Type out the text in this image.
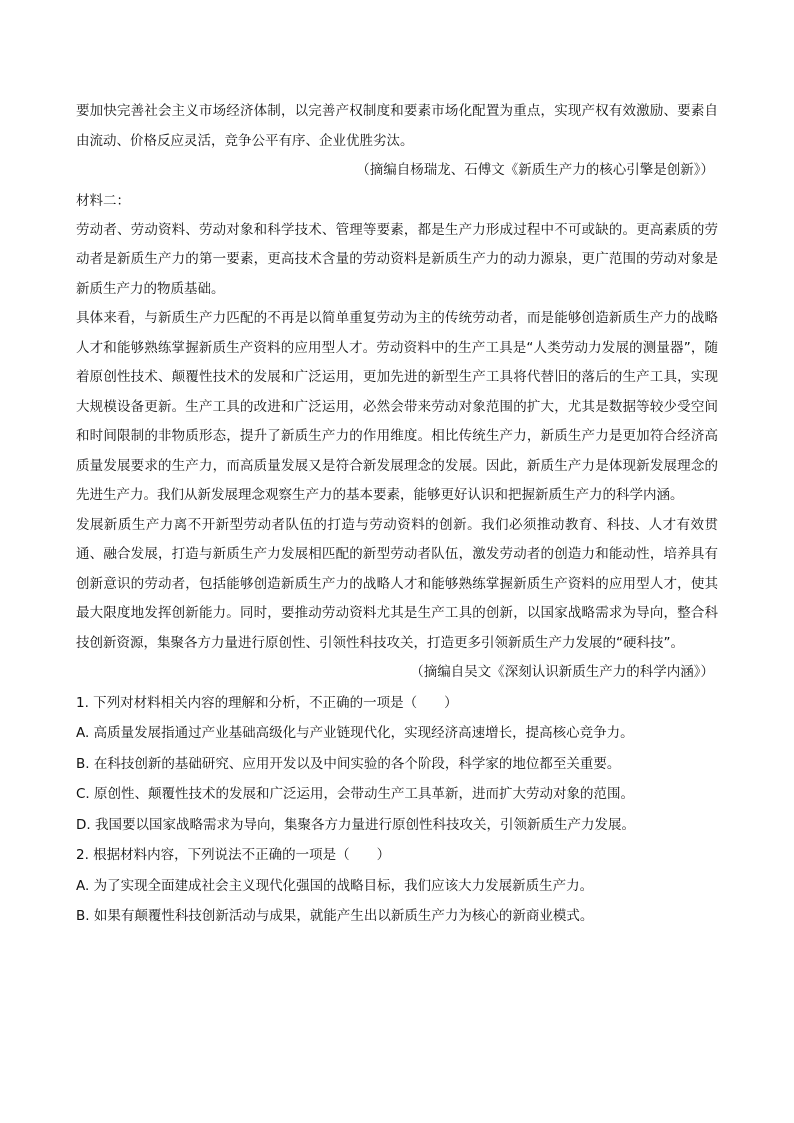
要加快完善社会主义市场经济体制，以完善产权制度和要素市场化配置为重点，实现产权有效激励、要素自由流动、价格反应灵活，竞争公平有序、企业优胜劣汰。

（摘编自杨瑞龙、石傅文《新质生产力的核心引擎是创新》）

材料二：

劳动者、劳动资料、劳动对象和科学技术、管理等要素，都是生产力形成过程中不可或缺的。更高素质的劳动者是新质生产力的第一要素，更高技术含量的劳动资料是新质生产力的动力源泉，更广范围的劳动对象是新质生产力的物质基础。

具体来看，与新质生产力匹配的不再是以简单重复劳动为主的传统劳动者，而是能够创造新质生产力的战略人才和能够熟练掌握新质生产资料的应用型人才。劳动资料中的生产工具是“人类劳动力发展的测量器”，随着原创性技术、颠覆性技术的发展和广泛运用，更加先进的新型生产工具将代替旧的落后的生产工具，实现大规模设备更新。生产工具的改进和广泛运用，必然会带来劳动对象范围的扩大，尤其是数据等较少受空间和时间限制的非物质形态，提升了新质生产力的作用维度。相比传统生产力，新质生产力是更加符合经济高质量发展要求的生产力，而高质量发展又是符合新发展理念的发展。因此，新质生产力是体现新发展理念的先进生产力。我们从新发展理念观察生产力的基本要素，能够更好认识和把握新质生产力的科学内涵。

发展新质生产力离不开新型劳动者队伍的打造与劳动资料的创新。我们必须推动教育、科技、人才有效贯通、融合发展，打造与新质生产力发展相匹配的新型劳动者队伍，激发劳动者的创造力和能动性，培养具有创新意识的劳动者，包括能够创造新质生产力的战略人才和能够熟练掌握新质生产资料的应用型人才，使其最大限度地发挥创新能力。同时，要推动劳动资料尤其是生产工具的创新，以国家战略需求为导向，整合科技创新资源，集聚各方力量进行原创性、引领性科技攻关，打造更多引领新质生产力发展的“硬科技”。

（摘编自吴文《深刻认识新质生产力的科学内涵》）

1. 下列对材料相关内容的理解和分析，不正确的一项是（　　）

A. 高质量发展指通过产业基础高级化与产业链现代化，实现经济高速增长，提高核心竞争力。

B. 在科技创新的基础研究、应用开发以及中间实验的各个阶段，科学家的地位都至关重要。

C. 原创性、颠覆性技术的发展和广泛运用，会带动生产工具革新，进而扩大劳动对象的范围。

D. 我国要以国家战略需求为导向，集聚各方力量进行原创性科技攻关，引领新质生产力发展。

2. 根据材料内容，下列说法不正确的一项是（　　）

A. 为了实现全面建成社会主义现代化强国的战略目标，我们应该大力发展新质生产力。

B. 如果有颠覆性科技创新活动与成果，就能产生出以新质生产力为核心的新商业模式。
